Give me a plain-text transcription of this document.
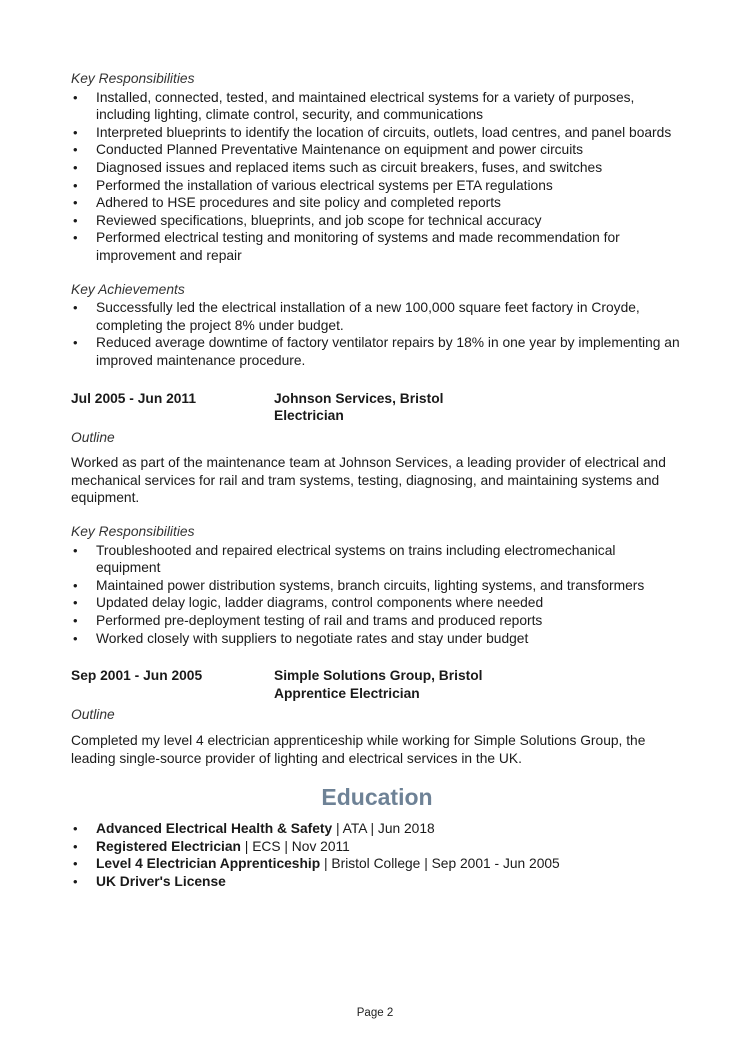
Key Responsibilities
• Installed, connected, tested, and maintained electrical systems for a variety of purposes, including lighting, climate control, security, and communications
• Interpreted blueprints to identify the location of circuits, outlets, load centres, and panel boards
• Conducted Planned Preventative Maintenance on equipment and power circuits
• Diagnosed issues and replaced items such as circuit breakers, fuses, and switches
• Performed the installation of various electrical systems per ETA regulations
• Adhered to HSE procedures and site policy and completed reports
• Reviewed specifications, blueprints, and job scope for technical accuracy
• Performed electrical testing and monitoring of systems and made recommendation for improvement and repair
Key Achievements
• Successfully led the electrical installation of a new 100,000 square feet factory in Croyde, completing the project 8% under budget.
• Reduced average downtime of factory ventilator repairs by 18% in one year by implementing an improved maintenance procedure.
Jul 2005 - Jun 2011	Johnson Services, Bristol
Electrician
Outline

Worked as part of the maintenance team at Johnson Services, a leading provider of electrical and mechanical services for rail and tram systems, testing, diagnosing, and maintaining systems and equipment.

Key Responsibilities
• Troubleshooted and repaired electrical systems on trains including electromechanical equipment
• Maintained power distribution systems, branch circuits, lighting systems, and transformers
• Updated delay logic, ladder diagrams, control components where needed
• Performed pre-deployment testing of rail and trams and produced reports
• Worked closely with suppliers to negotiate rates and stay under budget
Sep 2001 - Jun 2005	Simple Solutions Group, Bristol
Apprentice Electrician
Outline

Completed my level 4 electrician apprenticeship while working for Simple Solutions Group, the leading single-source provider of lighting and electrical services in the UK.

Education
• Advanced Electrical Health & Safety | ATA | Jun 2018
• Registered Electrician | ECS | Nov 2011
• Level 4 Electrician Apprenticeship | Bristol College | Sep 2001 - Jun 2005
• UK Driver's License
Page 2
